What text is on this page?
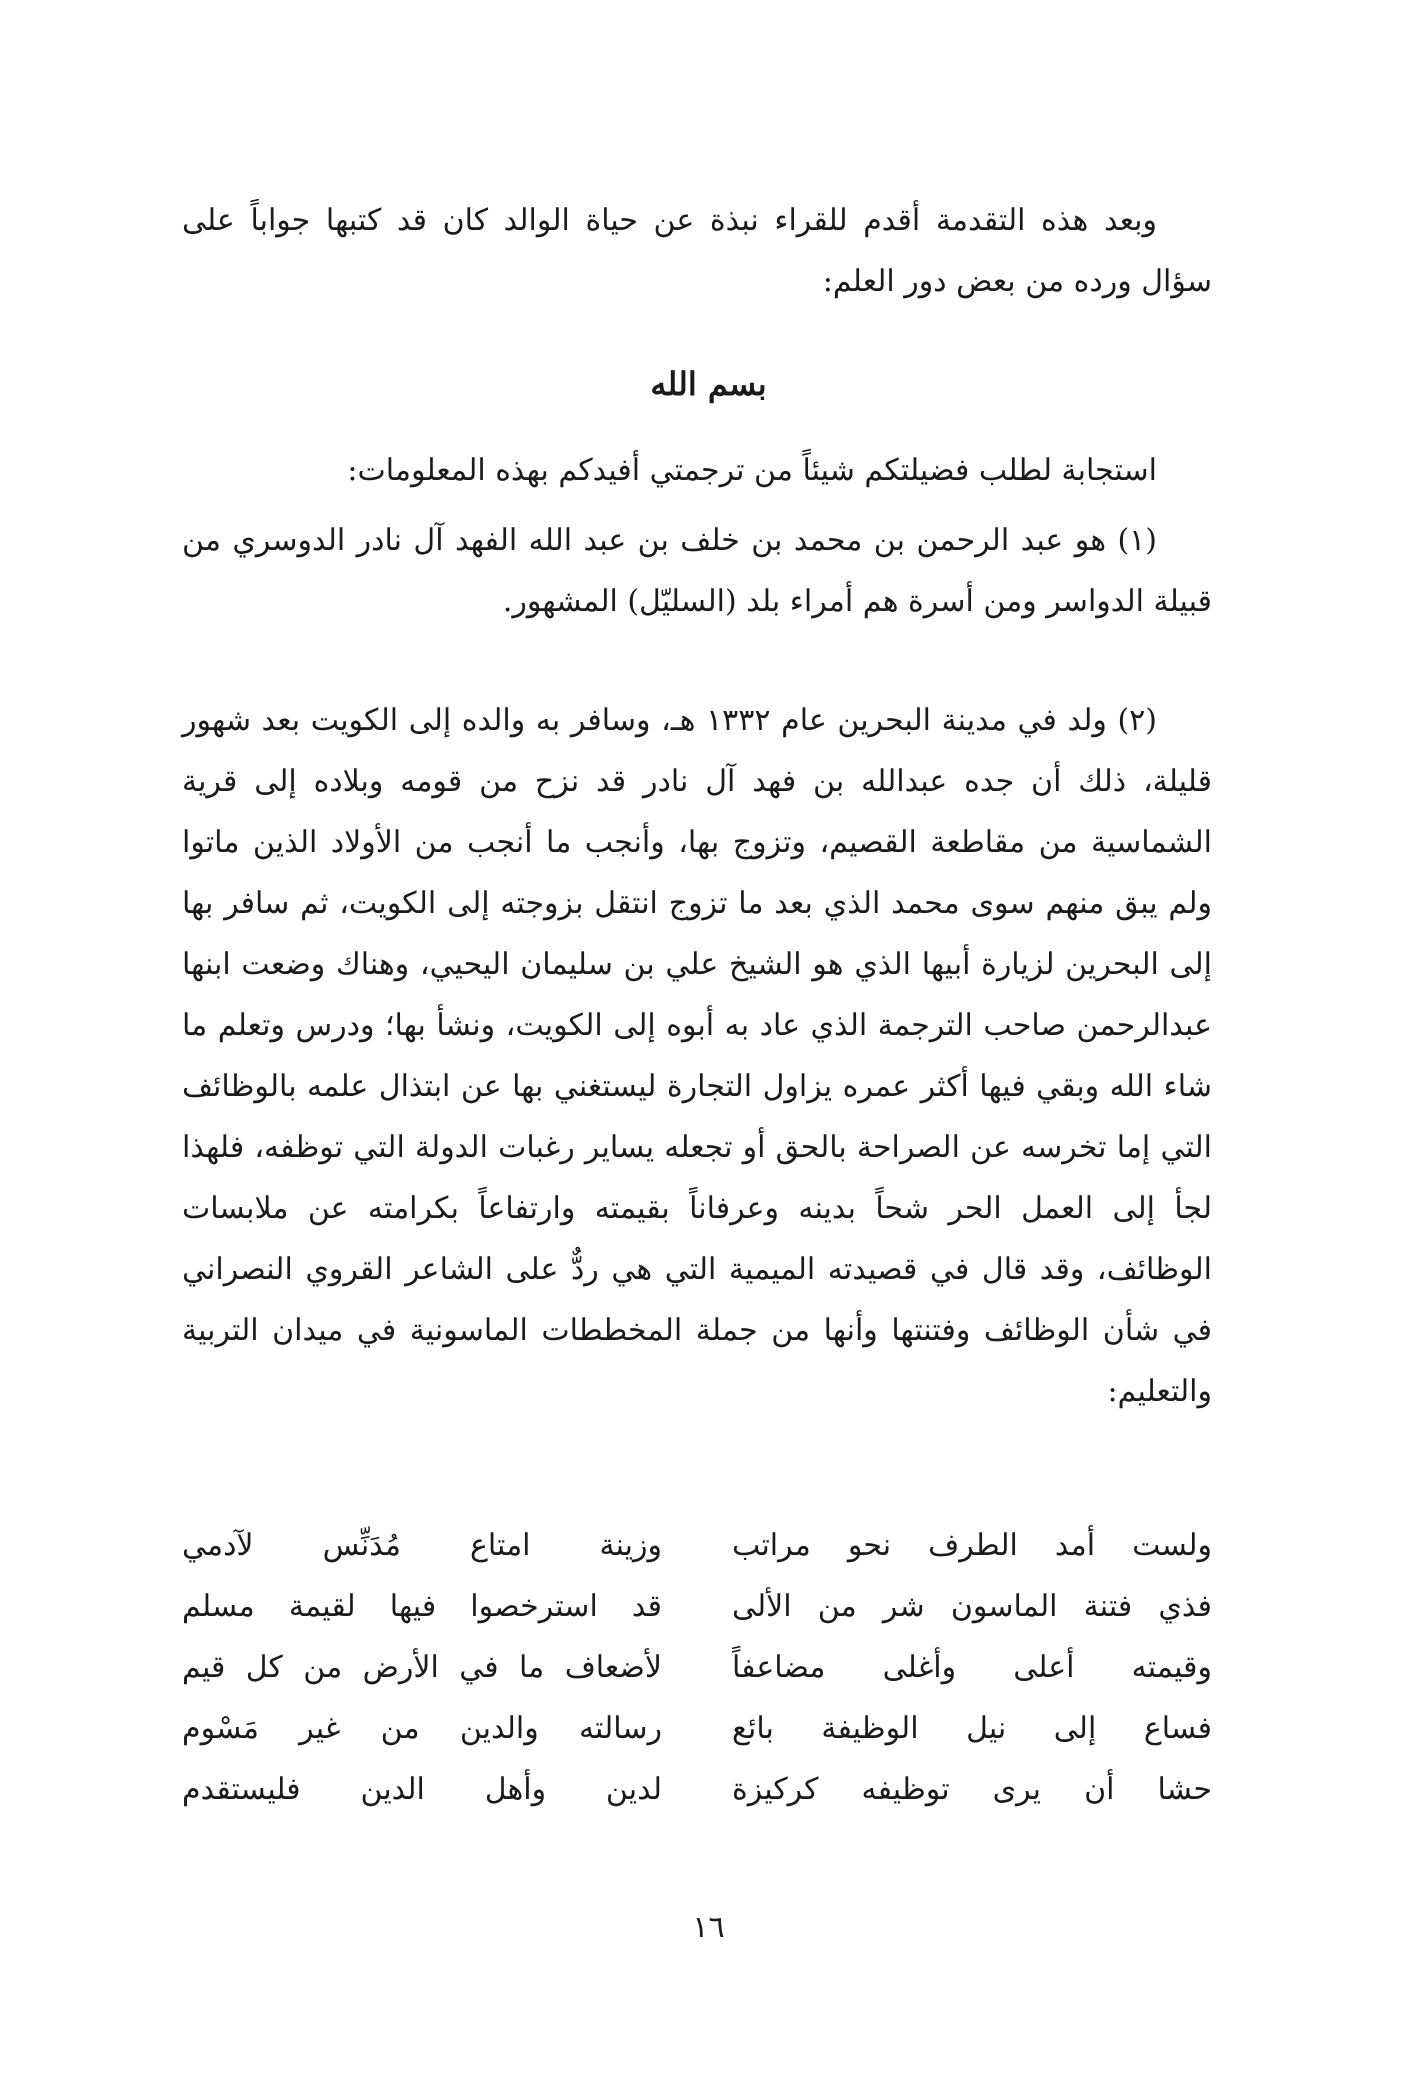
وبعد هذه التقدمة أقدم للقراء نبذة عن حياة الوالد كان قد كتبها جواباً على سؤال ورده من بعض دور العلم:

بسم الله

استجابة لطلب فضيلتكم شيئاً من ترجمتي أفيدكم بهذه المعلومات:

(١) هو عبد الرحمن بن محمد بن خلف بن عبد الله الفهد آل نادر الدوسري من قبيلة الدواسر ومن أسرة هم أمراء بلد (السليّل) المشهور.

(٢) ولد في مدينة البحرين عام ١٣٣٢ هـ، وسافر به والده إلى الكويت بعد شهور قليلة، ذلك أن جده عبدالله بن فهد آل نادر قد نزح من قومه وبلاده إلى قرية الشماسية من مقاطعة القصيم، وتزوج بها، وأنجب ما أنجب من الأولاد الذين ماتوا ولم يبق منهم سوى محمد الذي بعد ما تزوج انتقل بزوجته إلى الكويت، ثم سافر بها إلى البحرين لزيارة أبيها الذي هو الشيخ علي بن سليمان اليحيي، وهناك وضعت ابنها عبدالرحمن صاحب الترجمة الذي عاد به أبوه إلى الكويت، ونشأ بها؛ ودرس وتعلم ما شاء الله وبقي فيها أكثر عمره يزاول التجارة ليستغني بها عن ابتذال علمه بالوظائف التي إما تخرسه عن الصراحة بالحق أو تجعله يساير رغبات الدولة التي توظفه، فلهذا لجأ إلى العمل الحر شحاً بدينه وعرفاناً بقيمته وارتفاعاً بكرامته عن ملابسات الوظائف، وقد قال في قصيدته الميمية التي هي ردٌّ على الشاعر القروي النصراني في شأن الوظائف وفتنتها وأنها من جملة المخططات الماسونية في ميدان التربية والتعليم:

ولست أمد الطرف نحو مراتب
وزينة امتاع مُدَنِّس لآدمي
فذي فتنة الماسون شر من الألى
قد استرخصوا فيها لقيمة مسلم
وقيمته أعلى وأغلى مضاعفاً
لأضعاف ما في الأرض من كل قيم
فساع إلى نيل الوظيفة بائع
رسالته والدين من غير مَسْوم
حشا أن يرى توظيفه كركيزة
لدين وأهل الدين فليستقدم
١٦
